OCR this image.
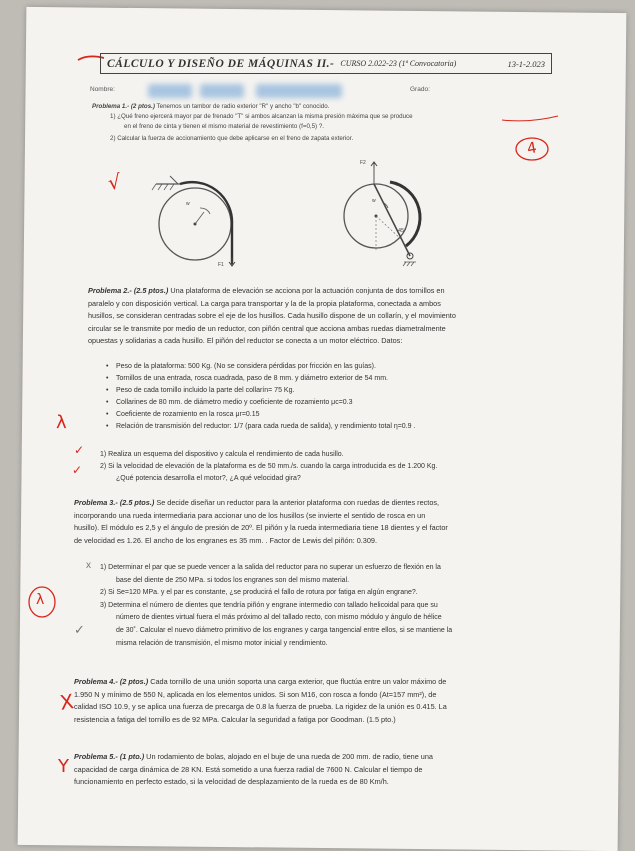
CÁLCULO Y DISEÑO DE MÁQUINAS II.- CURSO 2.022-23 (1ª Convocatoria)	13-1-2.023
Nombre:	Grado:
Problema 1.- (2 ptos.) Tenemos un tambor de radio exterior "R" y ancho "b" conocido.
1) ¿Qué freno ejercerá mayor par de frenado "T" si ambos alcanzan la misma presión máxima que se produce
en el freno de cinta y tienen el mismo material de revestimiento (f=0,5) ?.
2) Calcular la fuerza de accionamiento que debe aplicarse en el freno de zapata exterior.	4
√
w
F1
F2
w
45°
Problema 2.- (2.5 ptos.) Una plataforma de elevación se acciona por la actuación conjunta de dos tornillos en
paralelo y con disposición vertical. La carga para transportar y la de la propia plataforma, conectada a ambos
husillos, se consideran centradas sobre el eje de los husillos. Cada husillo dispone de un collarín, y el movimiento
circular se le transmite por medio de un reductor, con piñón central que acciona ambas ruedas diametralmente
opuestas y solidarias a cada husillo. El piñón del reductor se conecta a un motor eléctrico. Datos:
• Peso de la plataforma: 500 Kg. (No se considera pérdidas por fricción en las guías).
• Tornillos de una entrada, rosca cuadrada, paso de 8 mm. y diámetro exterior de 54 mm.
• Peso de cada tornillo incluido la parte del collarín= 75 Kg.
• Collarines de 80 mm. de diámetro medio y coeficiente de rozamiento μc=0.3
• Coeficiente de rozamiento en la rosca μr=0.15
• Relación de transmisión del reductor: 1/7 (para cada rueda de salida), y rendimiento total η=0.9 .
λ
1) Realiza un esquema del dispositivo y calcula el rendimiento de cada husillo.
2) Si la velocidad de elevación de la plataforma es de 50 mm./s. cuando la carga introducida es de 1.200 Kg.
¿Qué potencia desarrolla el motor?, ¿A qué velocidad gira?
✓
✓
Problema 3.- (2.5 ptos.) Se decide diseñar un reductor para la anterior plataforma con ruedas de dientes rectos,
incorporando una rueda intermediaria para accionar uno de los husillos (se invierte el sentido de rosca en un
husillo). El módulo es 2,5 y el ángulo de presión de 20º. El piñón y la rueda intermediaria tiene 18 dientes y el factor
de velocidad es 1.26. El ancho de los engranes es 35 mm. . Factor de Lewis del piñón: 0.309.
1) Determinar el par que se puede vencer a la salida del reductor para no superar un esfuerzo de flexión en la
base del diente de 250 MPa. si todos los engranes son del mismo material.
2) Si Se=120 MPa. y el par es constante, ¿se producirá el fallo de rotura por fatiga en algún engrane?.
3) Determina el número de dientes que tendría piñón y engrane intermedio con tallado helicoidal para que su
número de dientes virtual fuera el más próximo al del tallado recto, con mismo módulo y ángulo de hélice
de 30˚. Calcular el nuevo diámetro primitivo de los engranes y carga tangencial entre ellos, si se mantiene la
misma relación de transmisión, el mismo motor inicial y rendimiento.
λ
x
✓
Problema 4.- (2 ptos.) Cada tornillo de una unión soporta una carga exterior, que fluctúa entre un valor máximo de
1.950 N y mínimo de 550 N, aplicada en los elementos unidos. Si son M16, con rosca a fondo (At=157 mm²), de
calidad ISO 10.9, y se aplica una fuerza de precarga de 0.8 la fuerza de prueba. La rigidez de la unión es 0.415. La
resistencia a fatiga del tornillo es de 92 MPa. Calcular la seguridad a fatiga por Goodman. (1.5 pto.)
X
Problema 5.- (1 pto.) Un rodamiento de bolas, alojado en el buje de una rueda de 200 mm. de radio, tiene una
capacidad de carga dinámica de 28 KN. Está sometido a una fuerza radial de 7600 N. Calcular el tiempo de
funcionamiento en perfecto estado, si la velocidad de desplazamiento de la rueda es de 80 Km/h.
Y
